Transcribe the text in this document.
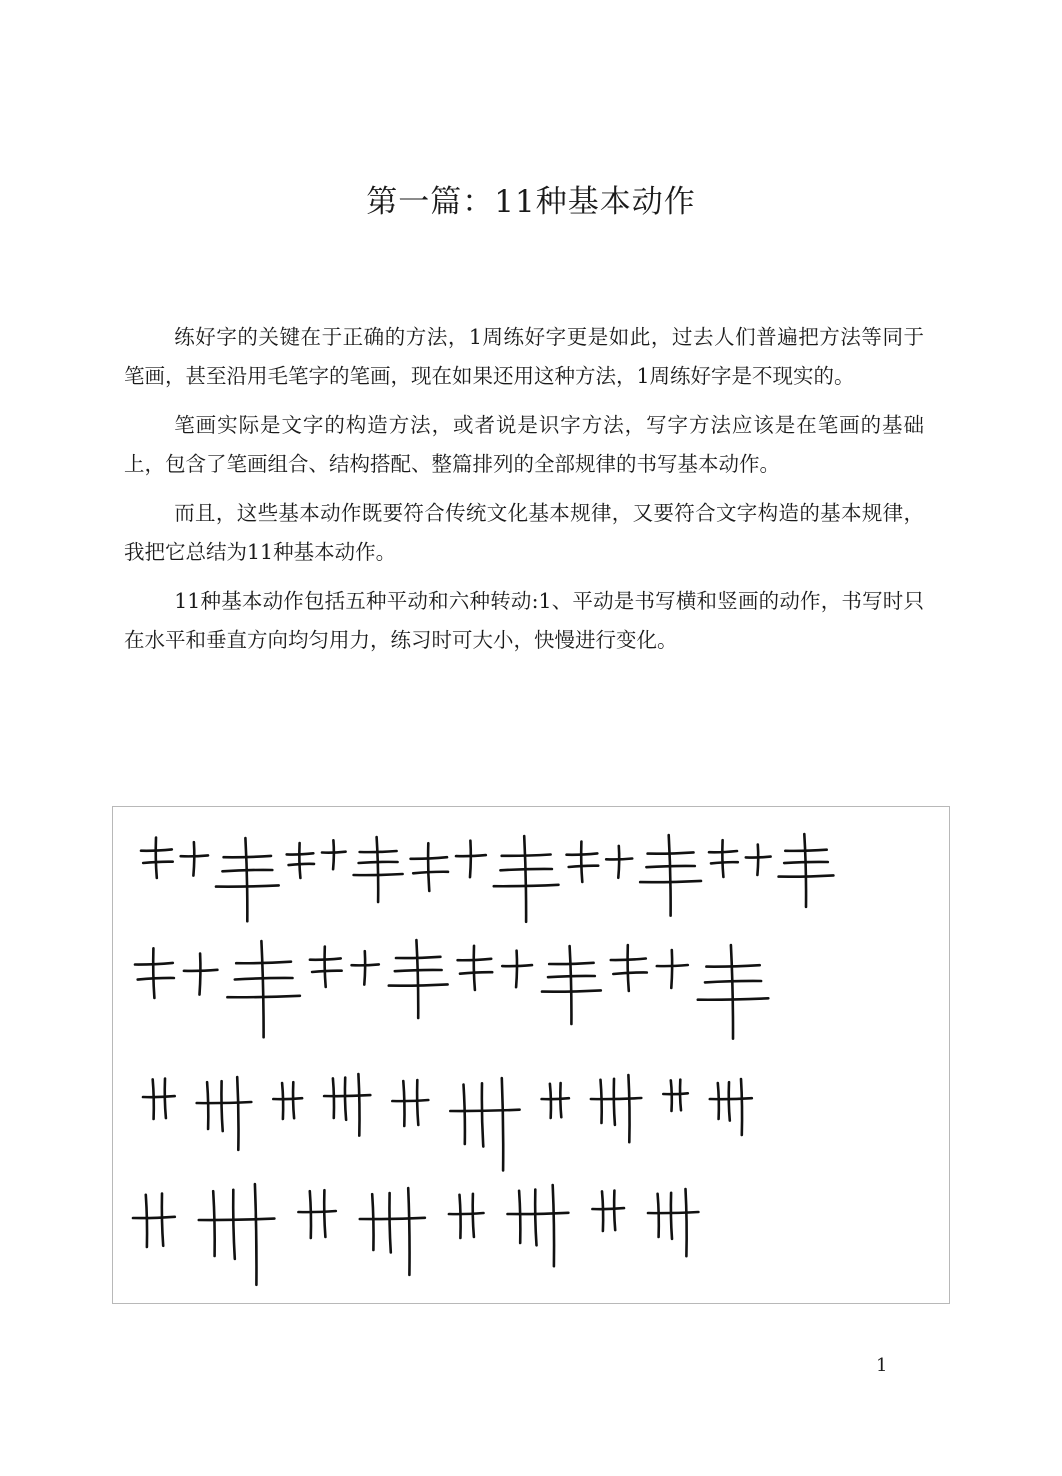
第一篇：11种基本动作

练好字的关键在于正确的方法，1周练好字更是如此，过去人们普遍把方法等同于笔画，甚至沿用毛笔字的笔画，现在如果还用这种方法，1周练好字是不现实的。

笔画实际是文字的构造方法，或者说是识字方法，写字方法应该是在笔画的基础上，包含了笔画组合、结构搭配、整篇排列的全部规律的书写基本动作。

而且，这些基本动作既要符合传统文化基本规律，又要符合文字构造的基本规律，我把它总结为11种基本动作。

11种基本动作包括五种平动和六种转动:1、平动是书写横和竖画的动作，书写时只在水平和垂直方向均匀用力，练习时可大小，快慢进行变化。

1
